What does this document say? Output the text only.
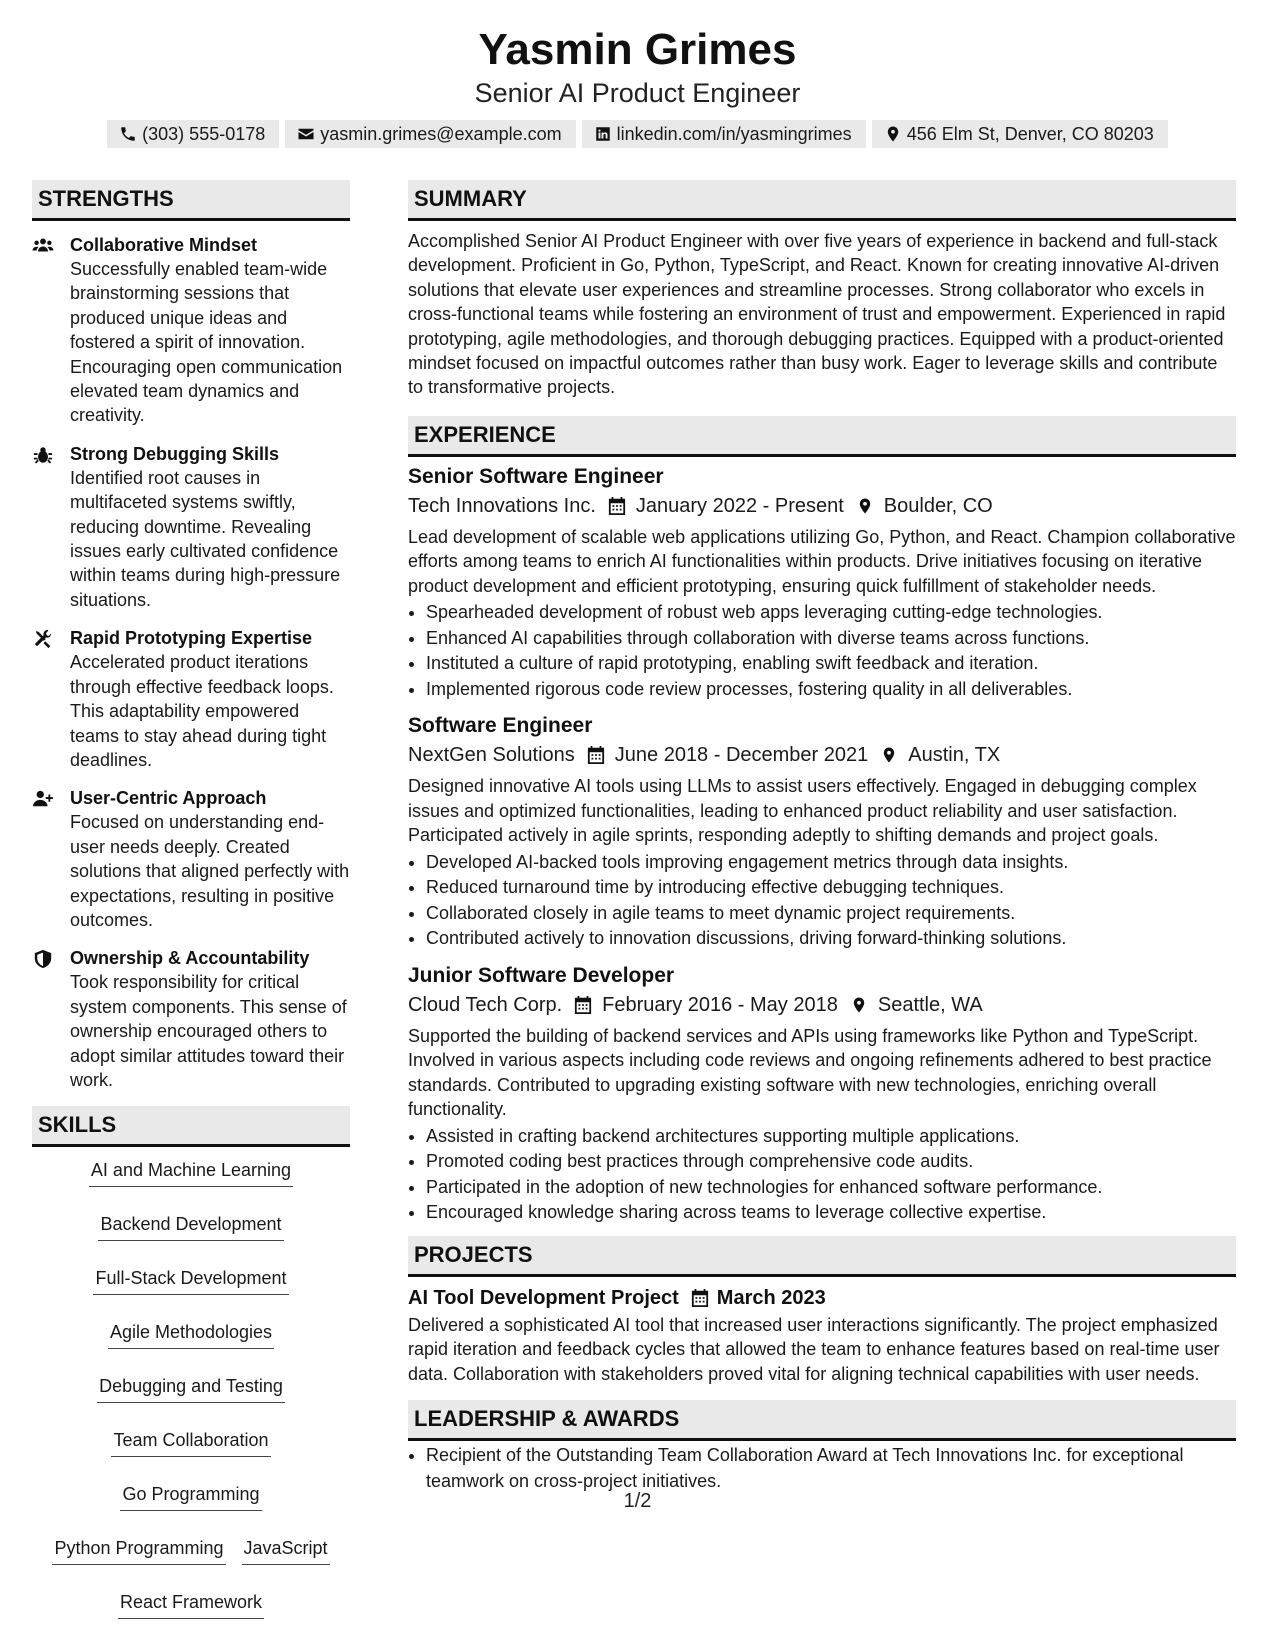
Yasmin Grimes
Senior AI Product Engineer
(303) 555-0178	yasmin.grimes@example.com	linkedin.com/in/yasmingrimes	456 Elm St, Denver, CO 80203
STRENGTHS
Collaborative Mindset
Successfully enabled team-wide brainstorming sessions that produced unique ideas and fostered a spirit of innovation. Encouraging open communication elevated team dynamics and creativity.
Strong Debugging Skills
Identified root causes in multifaceted systems swiftly, reducing downtime. Revealing issues early cultivated confidence within teams during high-pressure situations.
Rapid Prototyping Expertise
Accelerated product iterations through effective feedback loops. This adaptability empowered teams to stay ahead during tight deadlines.
User-Centric Approach
Focused on understanding end-user needs deeply. Created solutions that aligned perfectly with expectations, resulting in positive outcomes.
Ownership & Accountability
Took responsibility for critical system components. This sense of ownership encouraged others to adopt similar attitudes toward their work.
SKILLS
AI and Machine Learning
Backend Development
Full-Stack Development
Agile Methodologies
Debugging and Testing
Team Collaboration
Go Programming
Python Programming JavaScript
React Framework
SUMMARY
Accomplished Senior AI Product Engineer with over five years of experience in backend and full-stack development. Proficient in Go, Python, TypeScript, and React. Known for creating innovative AI-driven solutions that elevate user experiences and streamline processes. Strong collaborator who excels in cross-functional teams while fostering an environment of trust and empowerment. Experienced in rapid prototyping, agile methodologies, and thorough debugging practices. Equipped with a product-oriented mindset focused on impactful outcomes rather than busy work. Eager to leverage skills and contribute to transformative projects.
EXPERIENCE
Senior Software Engineer
Tech Innovations Inc. January 2022 - Present Boulder, CO
Lead development of scalable web applications utilizing Go, Python, and React. Champion collaborative efforts among teams to enrich AI functionalities within products. Drive initiatives focusing on iterative product development and efficient prototyping, ensuring quick fulfillment of stakeholder needs.
• Spearheaded development of robust web apps leveraging cutting-edge technologies.
• Enhanced AI capabilities through collaboration with diverse teams across functions.
• Instituted a culture of rapid prototyping, enabling swift feedback and iteration.
• Implemented rigorous code review processes, fostering quality in all deliverables.
Software Engineer
NextGen Solutions June 2018 - December 2021 Austin, TX
Designed innovative AI tools using LLMs to assist users effectively. Engaged in debugging complex issues and optimized functionalities, leading to enhanced product reliability and user satisfaction. Participated actively in agile sprints, responding adeptly to shifting demands and project goals.
• Developed AI-backed tools improving engagement metrics through data insights.
• Reduced turnaround time by introducing effective debugging techniques.
• Collaborated closely in agile teams to meet dynamic project requirements.
• Contributed actively to innovation discussions, driving forward-thinking solutions.
Junior Software Developer
Cloud Tech Corp. February 2016 - May 2018 Seattle, WA
Supported the building of backend services and APIs using frameworks like Python and TypeScript. Involved in various aspects including code reviews and ongoing refinements adhered to best practice standards. Contributed to upgrading existing software with new technologies, enriching overall functionality.
• Assisted in crafting backend architectures supporting multiple applications.
• Promoted coding best practices through comprehensive code audits.
• Participated in the adoption of new technologies for enhanced software performance.
• Encouraged knowledge sharing across teams to leverage collective expertise.
PROJECTS
AI Tool Development Project March 2023
Delivered a sophisticated AI tool that increased user interactions significantly. The project emphasized rapid iteration and feedback cycles that allowed the team to enhance features based on real-time user data. Collaboration with stakeholders proved vital for aligning technical capabilities with user needs.
LEADERSHIP & AWARDS
• Recipient of the Outstanding Team Collaboration Award at Tech Innovations Inc. for exceptional teamwork on cross-project initiatives.
1/2
